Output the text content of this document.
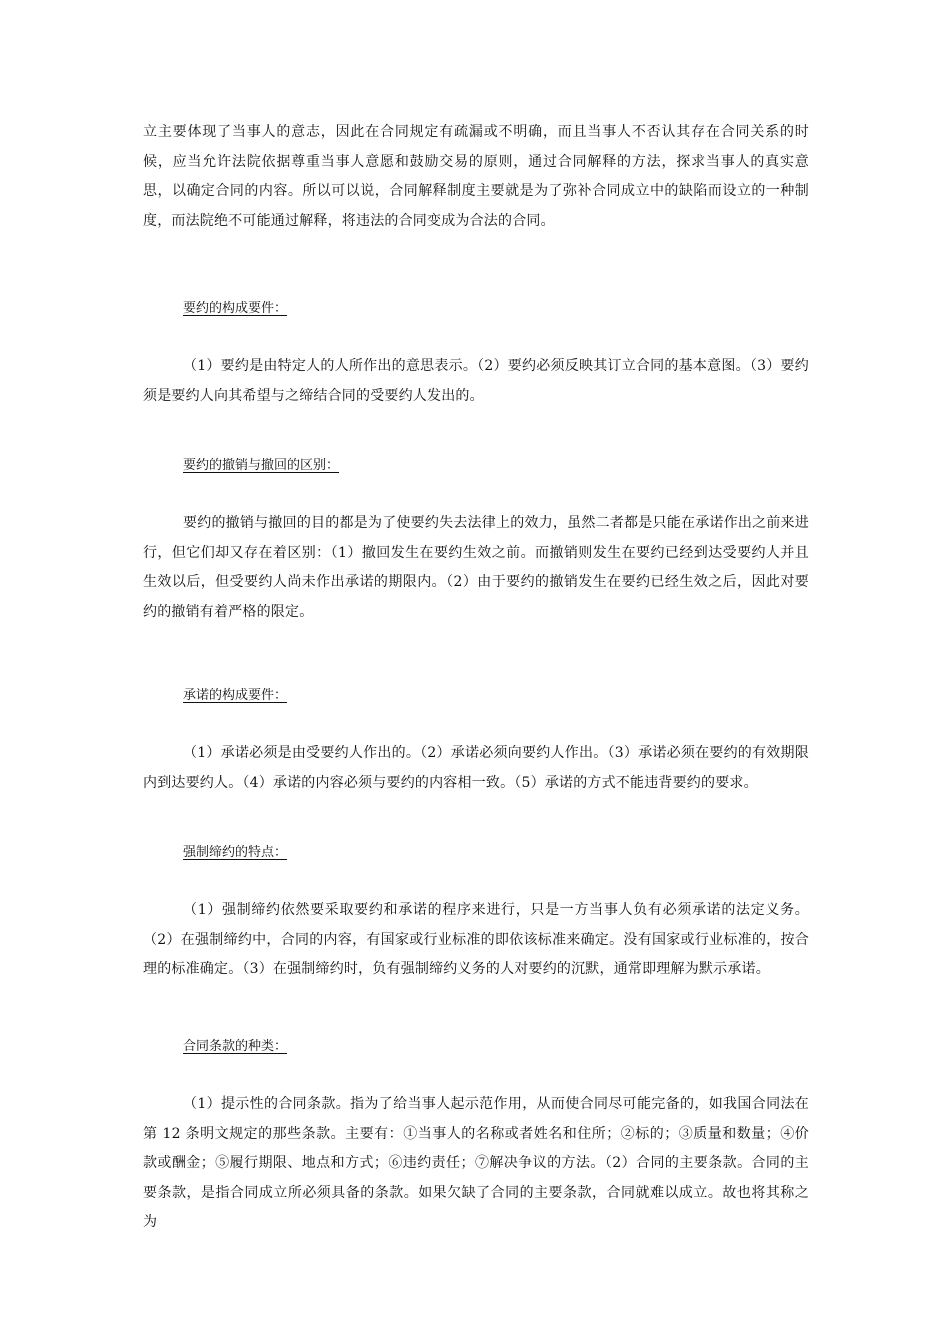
立主要体现了当事人的意志，因此在合同规定有疏漏或不明确，而且当事人不否认其存在合同关系的时候，应当允许法院依据尊重当事人意愿和鼓励交易的原则，通过合同解释的方法，探求当事人的真实意思，以确定合同的内容。所以可以说，合同解释制度主要就是为了弥补合同成立中的缺陷而设立的一种制度，而法院绝不可能通过解释，将违法的合同变成为合法的合同。

要约的构成要件：

（1）要约是由特定人的人所作出的意思表示。（2）要约必须反映其订立合同的基本意图。（3）要约须是要约人向其希望与之缔结合同的受要约人发出的。

要约的撤销与撤回的区别：

要约的撤销与撤回的目的都是为了使要约失去法律上的效力，虽然二者都是只能在承诺作出之前来进行，但它们却又存在着区别：（1）撤回发生在要约生效之前。而撤销则发生在要约已经到达受要约人并且生效以后，但受要约人尚未作出承诺的期限内。（2）由于要约的撤销发生在要约已经生效之后，因此对要约的撤销有着严格的限定。

承诺的构成要件：

（1）承诺必须是由受要约人作出的。（2）承诺必须向要约人作出。（3）承诺必须在要约的有效期限内到达要约人。（4）承诺的内容必须与要约的内容相一致。（5）承诺的方式不能违背要约的要求。

强制缔约的特点：

（1）强制缔约依然要采取要约和承诺的程序来进行，只是一方当事人负有必须承诺的法定义务。（2）在强制缔约中，合同的内容，有国家或行业标准的即依该标准来确定。没有国家或行业标准的，按合理的标准确定。（3）在强制缔约时，负有强制缔约义务的人对要约的沉默，通常即理解为默示承诺。

合同条款的种类：

（1）提示性的合同条款。指为了给当事人起示范作用，从而使合同尽可能完备的，如我国合同法在第 12 条明文规定的那些条款。主要有：①当事人的名称或者姓名和住所；②标的；③质量和数量；④价款或酬金；⑤履行期限、地点和方式；⑥违约责任；⑦解决争议的方法。（2）合同的主要条款。合同的主要条款，是指合同成立所必须具备的条款。如果欠缺了合同的主要条款，合同就难以成立。故也将其称之为
